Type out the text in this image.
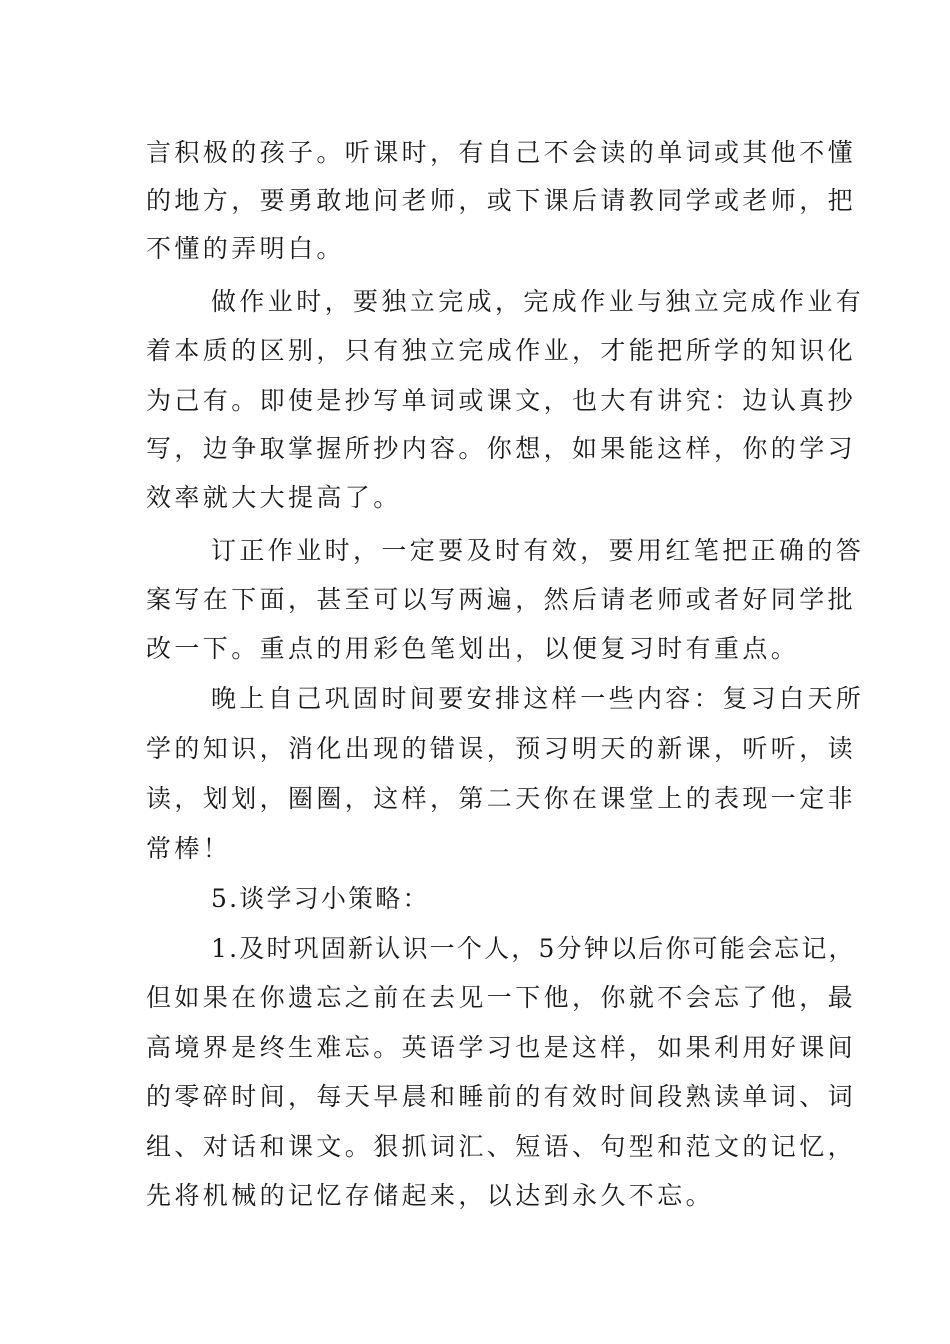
言积极的孩子。听课时，有自己不会读的单词或其他不懂
的地方，要勇敢地问老师，或下课后请教同学或老师，把
不懂的弄明白。
做作业时，要独立完成，完成作业与独立完成作业有
着本质的区别，只有独立完成作业，才能把所学的知识化
为己有。即使是抄写单词或课文，也大有讲究：边认真抄
写，边争取掌握所抄内容。你想，如果能这样，你的学习
效率就大大提高了。
订正作业时，一定要及时有效，要用红笔把正确的答
案写在下面，甚至可以写两遍，然后请老师或者好同学批
改一下。重点的用彩色笔划出，以便复习时有重点。
晚上自己巩固时间要安排这样一些内容：复习白天所
学的知识，消化出现的错误，预习明天的新课，听听，读
读，划划，圈圈，这样，第二天你在课堂上的表现一定非
常棒！
5.谈学习小策略：
1.及时巩固新认识一个人，5分钟以后你可能会忘记，
但如果在你遗忘之前在去见一下他，你就不会忘了他，最
高境界是终生难忘。英语学习也是这样，如果利用好课间
的零碎时间，每天早晨和睡前的有效时间段熟读单词、词
组、对话和课文。狠抓词汇、短语、句型和范文的记忆，
先将机械的记忆存储起来，以达到永久不忘。
